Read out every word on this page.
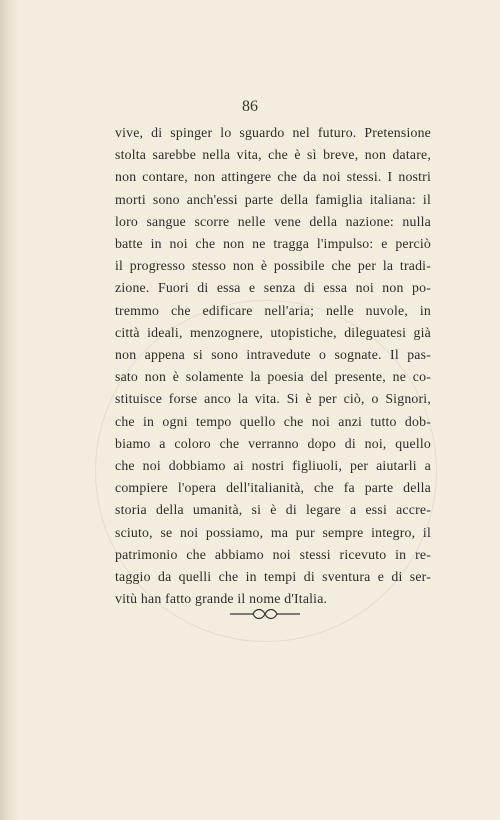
86
vive, di spinger lo sguardo nel futuro. Pretensione
stolta sarebbe nella vita, che è sì breve, non datare,
non contare, non attingere che da noi stessi. I nostri
morti sono anch'essi parte della famiglia italiana: il
loro sangue scorre nelle vene della nazione: nulla
batte in noi che non ne tragga l'impulso: e perciò
il progresso stesso non è possibile che per la tradi-
zione. Fuori di essa e senza di essa noi non po-
tremmo che edificare nell'aria; nelle nuvole, in
città ideali, menzognere, utopistiche, dileguatesi già
non appena si sono intravedute o sognate. Il pas-
sato non è solamente la poesia del presente, ne co-
stituisce forse anco la vita. Si è per ciò, o Signori,
che in ogni tempo quello che noi anzi tutto dob-
biamo a coloro che verranno dopo di noi, quello
che noi dobbiamo ai nostri figliuoli, per aiutarli a
compiere l'opera dell'italianità, che fa parte della
storia della umanità, si è di legare a essi accre-
sciuto, se noi possiamo, ma pur sempre integro, il
patrimonio che abbiamo noi stessi ricevuto in re-
taggio da quelli che in tempi di sventura e di ser-
vitù han fatto grande il nome d'Italia.
